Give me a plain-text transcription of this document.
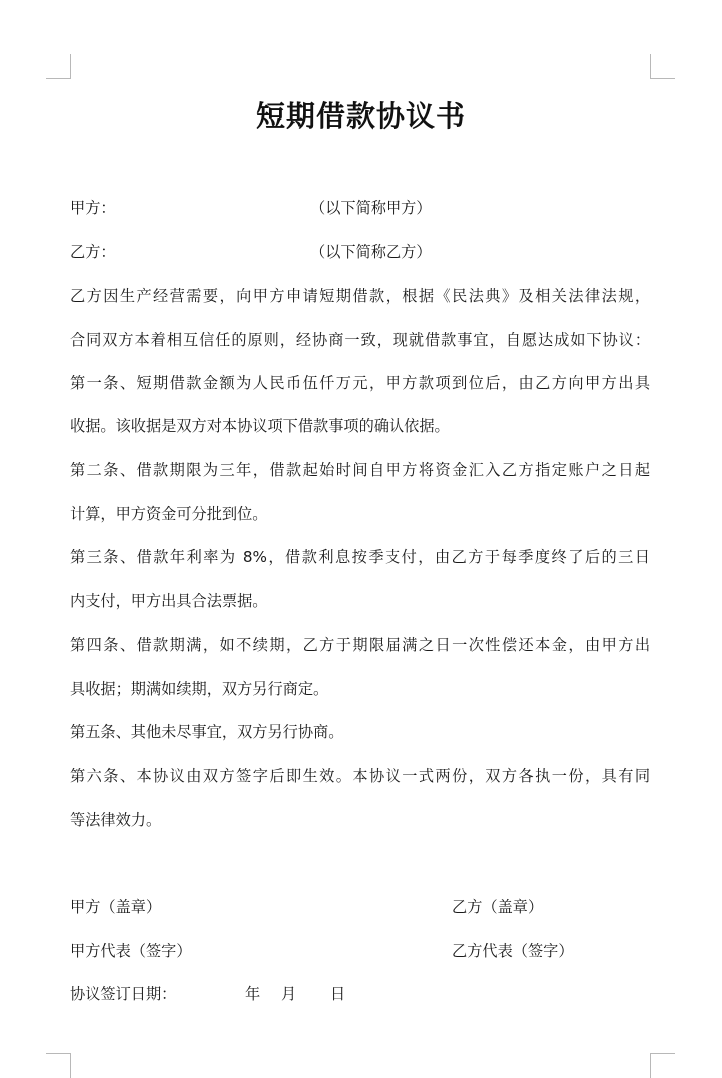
短期借款协议书
甲方：	（以下简称甲方）
乙方：	（以下简称乙方）
乙方因生产经营需要，向甲方申请短期借款，根据《民法典》及相关法律法规，
合同双方本着相互信任的原则，经协商一致，现就借款事宜，自愿达成如下协议：
第一条、短期借款金额为人民币伍仟万元，甲方款项到位后，由乙方向甲方出具
收据。该收据是双方对本协议项下借款事项的确认依据。
第二条、借款期限为三年，借款起始时间自甲方将资金汇入乙方指定账户之日起
计算，甲方资金可分批到位。
第三条、借款年利率为 8%，借款利息按季支付，由乙方于每季度终了后的三日
内支付，甲方出具合法票据。
第四条、借款期满，如不续期，乙方于期限届满之日一次性偿还本金，由甲方出
具收据；期满如续期，双方另行商定。
第五条、其他未尽事宜，双方另行协商。
第六条、本协议由双方签字后即生效。本协议一式两份，双方各执一份，具有同
等法律效力。
甲方（盖章）	乙方（盖章）
甲方代表（签字）	乙方代表（签字）
协议签订日期：	年 月 日
